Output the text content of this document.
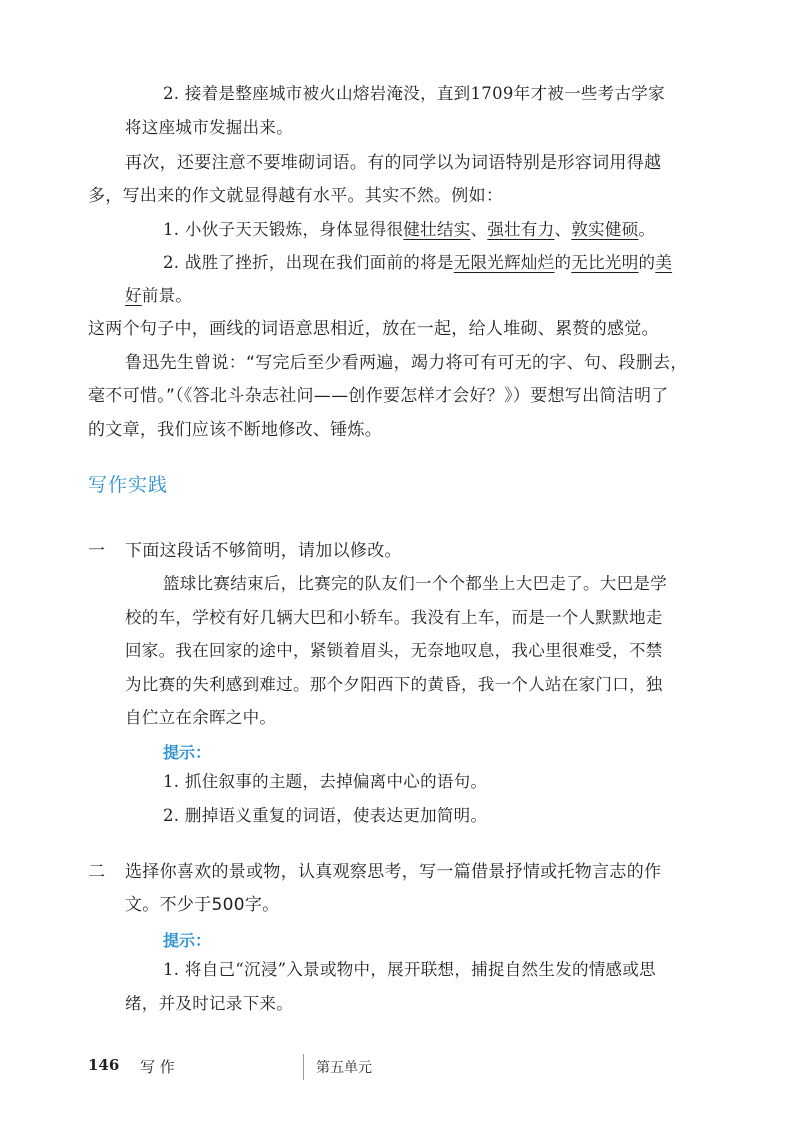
2. 接着是整座城市被火山熔岩淹没，直到1709年才被一些考古学家
将这座城市发掘出来。
再次，还要注意不要堆砌词语。有的同学以为词语特别是形容词用得越
多，写出来的作文就显得越有水平。其实不然。例如：
1. 小伙子天天锻炼，身体显得很健壮结实、强壮有力、敦实健硕。
2. 战胜了挫折，出现在我们面前的将是无限光辉灿烂的无比光明的美
好前景。
这两个句子中，画线的词语意思相近，放在一起，给人堆砌、累赘的感觉。
鲁迅先生曾说：“写完后至少看两遍，竭力将可有可无的字、句、段删去，
毫不可惜。”（《答北斗杂志社问——创作要怎样才会好？》）要想写出简洁明了
的文章，我们应该不断地修改、锤炼。
写作实践
一 下面这段话不够简明，请加以修改。
篮球比赛结束后，比赛完的队友们一个个都坐上大巴走了。大巴是学
校的车，学校有好几辆大巴和小轿车。我没有上车，而是一个人默默地走
回家。我在回家的途中，紧锁着眉头，无奈地叹息，我心里很难受，不禁
为比赛的失利感到难过。那个夕阳西下的黄昏，我一个人站在家门口，独
自伫立在余晖之中。
提示：
1. 抓住叙事的主题，去掉偏离中心的语句。
2. 删掉语义重复的词语，使表达更加简明。
二 选择你喜欢的景或物，认真观察思考，写一篇借景抒情或托物言志的作
文。不少于500字。
提示：
1. 将自己“沉浸”入景或物中，展开联想，捕捉自然生发的情感或思
绪，并及时记录下来。
146 写 作	第五单元
